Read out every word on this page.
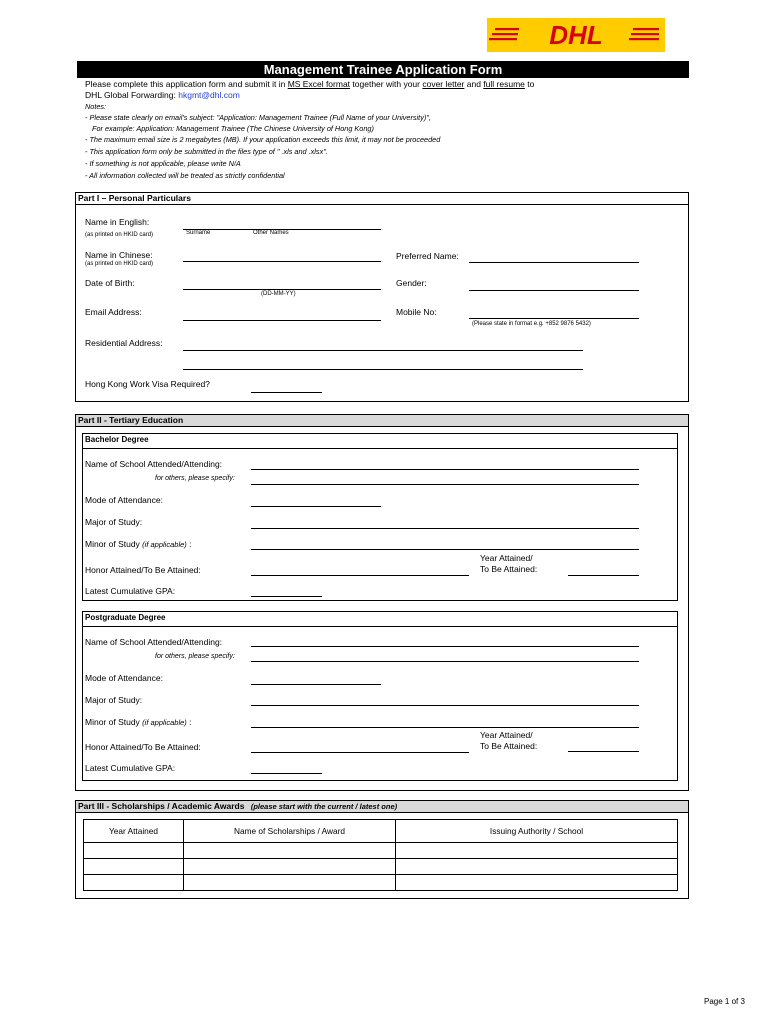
DHL
Management Trainee Application Form
Please complete this application form and submit it in MS Excel format together with your cover letter and full resume to
DHL Global Forwarding: hkgmt@dhl.com
Notes:
- Please state clearly on email's subject: "Application: Management Trainee (Full Name of your University)",
For example: Application: Management Trainee (The Chinese University of Hong Kong)
- The maximum email size is 2 megabytes (MB). If your application exceeds this limit, it may not be proceeded
- This application form only be submitted in the files type of " .xls and .xlsx".
- If something is not applicable, please write N/A
- All information collected will be treated as strictly confidential
Part I – Personal Particulars
Name in English:
(as printed on HKID card)	Surname	Other Names
Name in Chinese:
(as printed on HKID card)
Preferred Name:
Date of Birth:
(DD-MM-YY)
Gender:
Email Address:	Mobile No:
(Please state in format e.g. +852 9876 5432)
Residential Address:
Hong Kong Work Visa Required?
Part II - Tertiary Education
Bachelor Degree
Name of School Attended/Attending:
for others, please specify:
Mode of Attendance:
Major of Study:
Minor of Study (if applicable) :
Year Attained/
To Be Attained:
Honor Attained/To Be Attained:
Latest Cumulative GPA:
Postgraduate Degree
Name of School Attended/Attending:
for others, please specify:
Mode of Attendance:
Major of Study:
Minor of Study (if applicable) :
Year Attained/
To Be Attained:
Honor Attained/To Be Attained:
Latest Cumulative GPA:
Part III - Scholarships / Academic Awards (please start with the current / latest one)
Year Attained	Name of Scholarships / Award	Issuing Authority / School

Page 1 of 3
